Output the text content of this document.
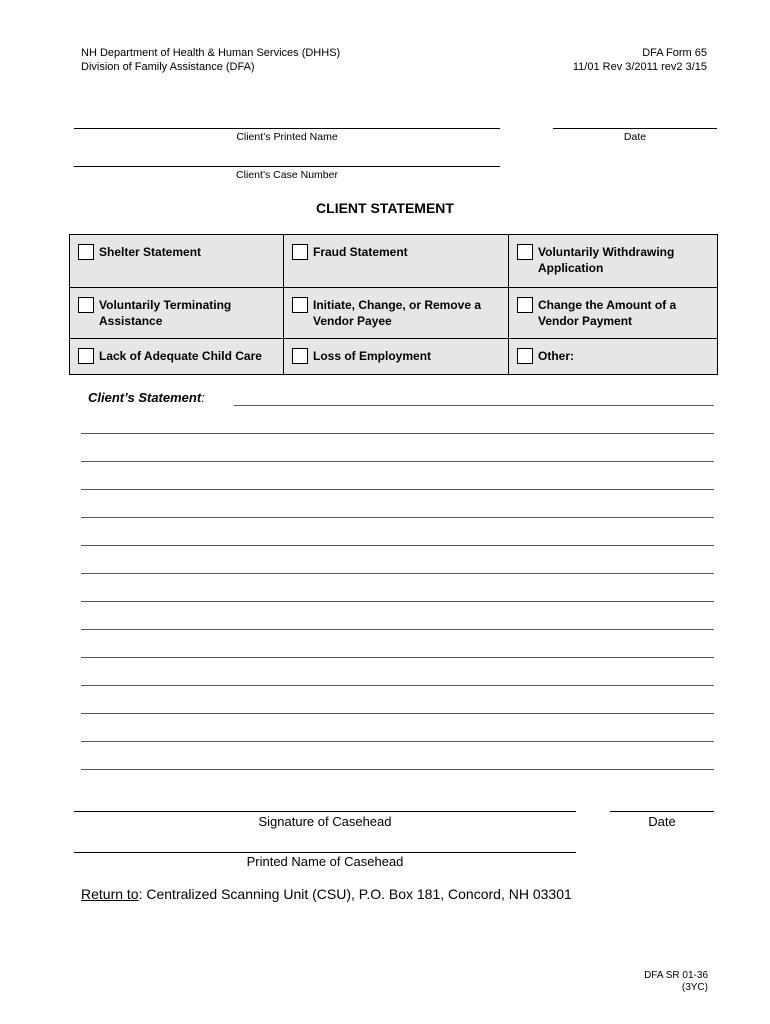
NH Department of Health & Human Services (DHHS)
Division of Family Assistance (DFA)
DFA Form 65
11/01 Rev 3/2011 rev2 3/15
Client’s Printed Name	Date
Client’s Case Number
CLIENT STATEMENT
Shelter Statement	Fraud Statement	Voluntarily Withdrawing Application

Voluntarily Terminating Assistance	Initiate, Change, or Remove a Vendor Payee	Change the Amount of a Vendor Payment

Lack of Adequate Child Care	Loss of Employment	Other:
Client’s Statement:
Signature of Casehead	Date
Printed Name of Casehead
Return to: Centralized Scanning Unit (CSU), P.O. Box 181, Concord, NH 03301
DFA SR 01-36
(3YC)
